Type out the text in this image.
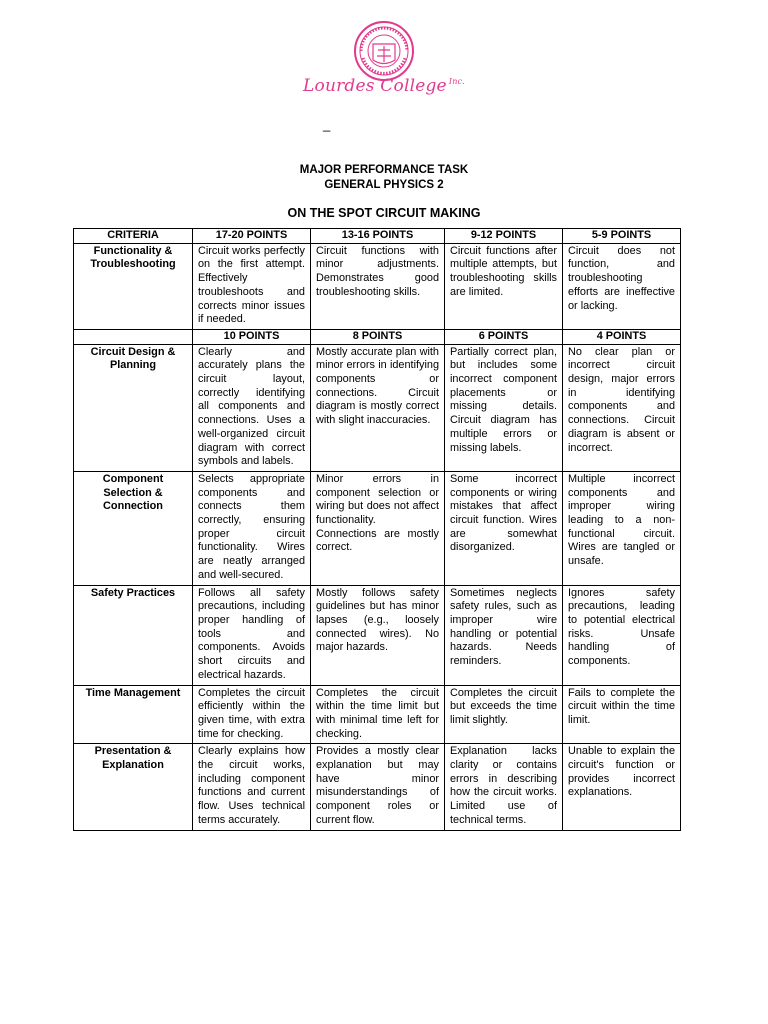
Lourdes College $^{Inc.}$
_
MAJOR PERFORMANCE TASK
GENERAL PHYSICS 2
ON THE SPOT CIRCUIT MAKING
CRITERIA	17-20 POINTS	13-16 POINTS	9-12 POINTS	5-9 POINTS
Functionality & Troubleshooting	Circuit works perfectly on the first attempt. Effectively troubleshoots and corrects minor issues if needed.	Circuit functions with minor adjustments. Demonstrates good troubleshooting skills.	Circuit functions after multiple attempts, but troubleshooting skills are limited.	Circuit does not function, and troubleshooting efforts are ineffective or lacking.
	10 POINTS	8 POINTS	6 POINTS	4 POINTS
Circuit Design & Planning	Clearly and accurately plans the circuit layout, correctly identifying all components and connections. Uses a well-organized circuit diagram with correct symbols and labels.	Mostly accurate plan with minor errors in identifying components or connections. Circuit diagram is mostly correct with slight inaccuracies.	Partially correct plan, but includes some incorrect component placements or missing details. Circuit diagram has multiple errors or missing labels.	No clear plan or incorrect circuit design, major errors in identifying components and connections. Circuit diagram is absent or incorrect.
Component Selection & Connection	Selects appropriate components and connects them correctly, ensuring proper circuit functionality. Wires are neatly arranged and well-secured.	Minor errors in component selection or wiring but does not affect functionality. Connections are mostly correct.	Some incorrect components or wiring mistakes that affect circuit function. Wires are somewhat disorganized.	Multiple incorrect components and improper wiring leading to a non-functional circuit. Wires are tangled or unsafe.
Safety Practices	Follows all safety precautions, including proper handling of tools and components. Avoids short circuits and electrical hazards.	Mostly follows safety guidelines but has minor lapses (e.g., loosely connected wires). No major hazards.	Sometimes neglects safety rules, such as improper wire handling or potential hazards. Needs reminders.	Ignores safety precautions, leading to potential electrical risks. Unsafe handling of components.
Time Management	Completes the circuit efficiently within the given time, with extra time for checking.	Completes the circuit within the time limit but with minimal time left for checking.	Completes the circuit but exceeds the time limit slightly.	Fails to complete the circuit within the time limit.
Presentation & Explanation	Clearly explains how the circuit works, including component functions and current flow. Uses technical terms accurately.	Provides a mostly clear explanation but may have minor misunderstandings of component roles or current flow.	Explanation lacks clarity or contains errors in describing how the circuit works. Limited use of technical terms.	Unable to explain the circuit's function or provides incorrect explanations.
